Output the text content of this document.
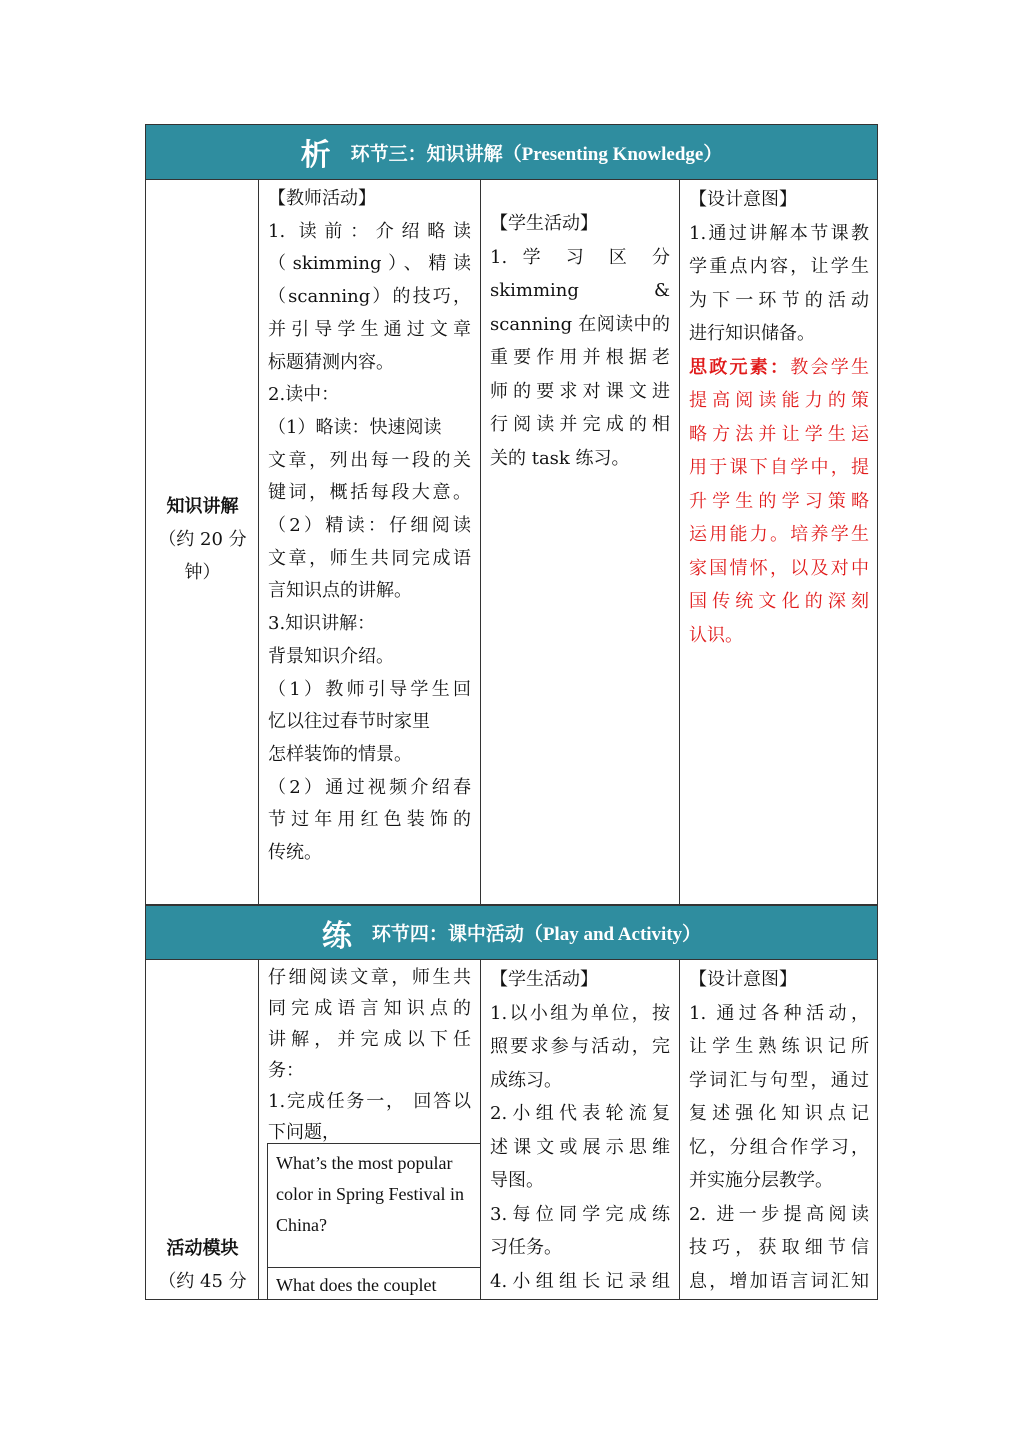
析 环节三：知识讲解（Presenting Knowledge）
知识讲解
（约 20 分
钟）
【教师活动】
1. 读前：介绍略读
（skimming）、精读
（scanning）的技巧，
并引导学生通过文章
标题猜测内容。
2.读中：
（1）略读：快速阅读
文章，列出每一段的关
键词，概括每段大意。
（2）精读：仔细阅读
文章，师生共同完成语
言知识点的讲解。
3.知识讲解：
背景知识介绍。
（1）教师引导学生回
忆以往过春节时家里
怎样装饰的情景。
（2）通过视频介绍春
节过年用红色装饰的
传统。
【学生活动】
1. 学 习 区 分
skimming &
scanning 在阅读中的
重要作用并根据老
师的要求对课文进
行阅读并完成的相
关的 task 练习。
【设计意图】
1.通过讲解本节课教
学重点内容，让学生
为下一环节的活动
进行知识储备。
思政元素：教会学生
提高阅读能力的策
略方法并让学生运
用于课下自学中，提
升学生的学习策略
运用能力。培养学生
家国情怀，以及对中
国传统文化的深刻
认识。
练 环节四：课中活动（Play and Activity）
活动模块
（约 45 分
仔细阅读文章，师生共
同完成语言知识点的
讲解，并完成以下任
务：
1.完成任务一， 回答以
下问题，
What’s the most popular color in Spring Festival in China?
What does the couplet
【学生活动】
1.以小组为单位，按
照要求参与活动，完
成练习。
2.小组代表轮流复
述课文或展示思维
导图。
3.每位同学完成练
习任务。
4.小组组长记录组
【设计意图】
1. 通过各种活动，
让学生熟练识记所
学词汇与句型，通过
复述强化知识点记
忆，分组合作学习，
并实施分层教学。
2. 进一步提高阅读
技巧，获取细节信
息，增加语言词汇知
